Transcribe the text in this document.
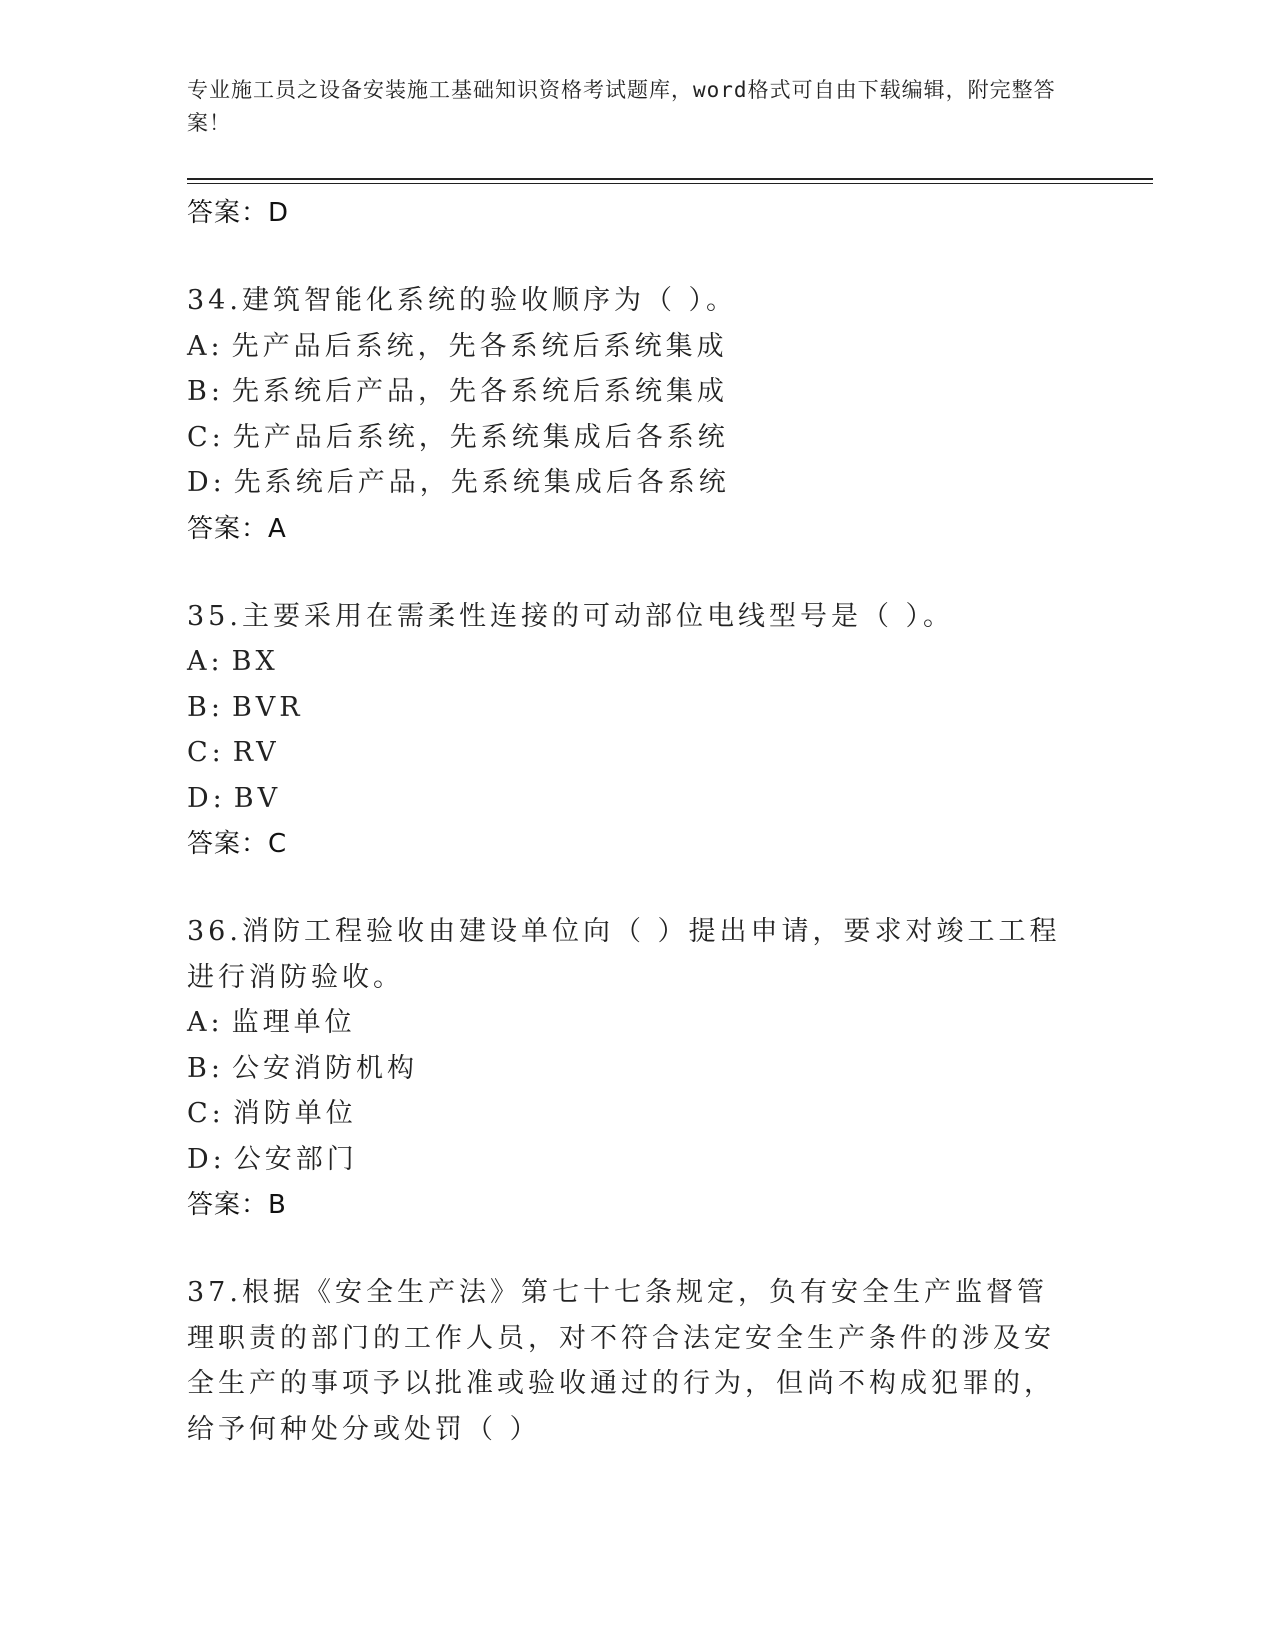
专业施工员之设备安装施工基础知识资格考试题库，word格式可自由下载编辑，附完整答案！
答案：D
34.建筑智能化系统的验收顺序为（ ）。
A: 先产品后系统，先各系统后系统集成
B: 先系统后产品，先各系统后系统集成
C: 先产品后系统，先系统集成后各系统
D: 先系统后产品，先系统集成后各系统
答案：A
35.主要采用在需柔性连接的可动部位电线型号是（ ）。
A: BX
B: BVR
C: RV
D: BV
答案：C
36.消防工程验收由建设单位向（ ）提出申请，要求对竣工工程进行消防验收。
A: 监理单位
B: 公安消防机构
C: 消防单位
D: 公安部门
答案：B
37.根据《安全生产法》第七十七条规定，负有安全生产监督管理职责的部门的工作人员，对不符合法定安全生产条件的涉及安全生产的事项予以批准或验收通过的行为，但尚不构成犯罪的，给予何种处分或处罚（ ）
